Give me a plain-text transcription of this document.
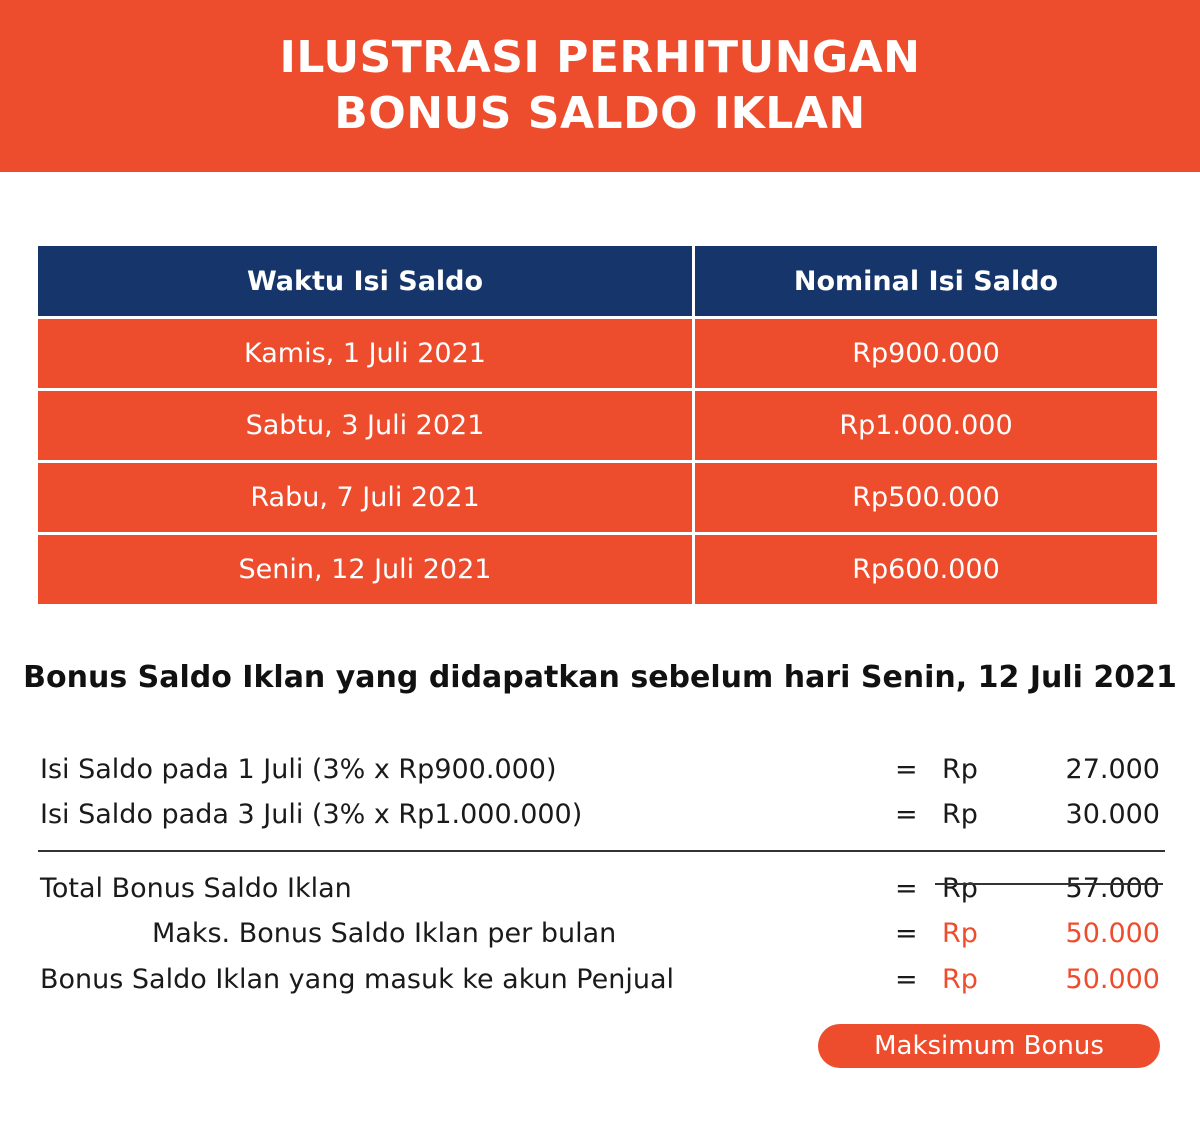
ILUSTRASI PERHITUNGAN
BONUS SALDO IKLAN
Waktu Isi Saldo	Nominal Isi Saldo
Kamis, 1 Juli 2021	Rp900.000
Sabtu, 3 Juli 2021	Rp1.000.000
Rabu, 7 Juli 2021	Rp500.000
Senin, 12 Juli 2021	Rp600.000
Bonus Saldo Iklan yang didapatkan sebelum hari Senin, 12 Juli 2021
Isi Saldo pada 1 Juli (3% x Rp900.000)	= Rp	27.000
Isi Saldo pada 3 Juli (3% x Rp1.000.000)	= Rp	30.000
Total Bonus Saldo Iklan	= Rp	57.000
Maks. Bonus Saldo Iklan per bulan	= Rp	50.000
Bonus Saldo Iklan yang masuk ke akun Penjual	= Rp	50.000
Maksimum Bonus
